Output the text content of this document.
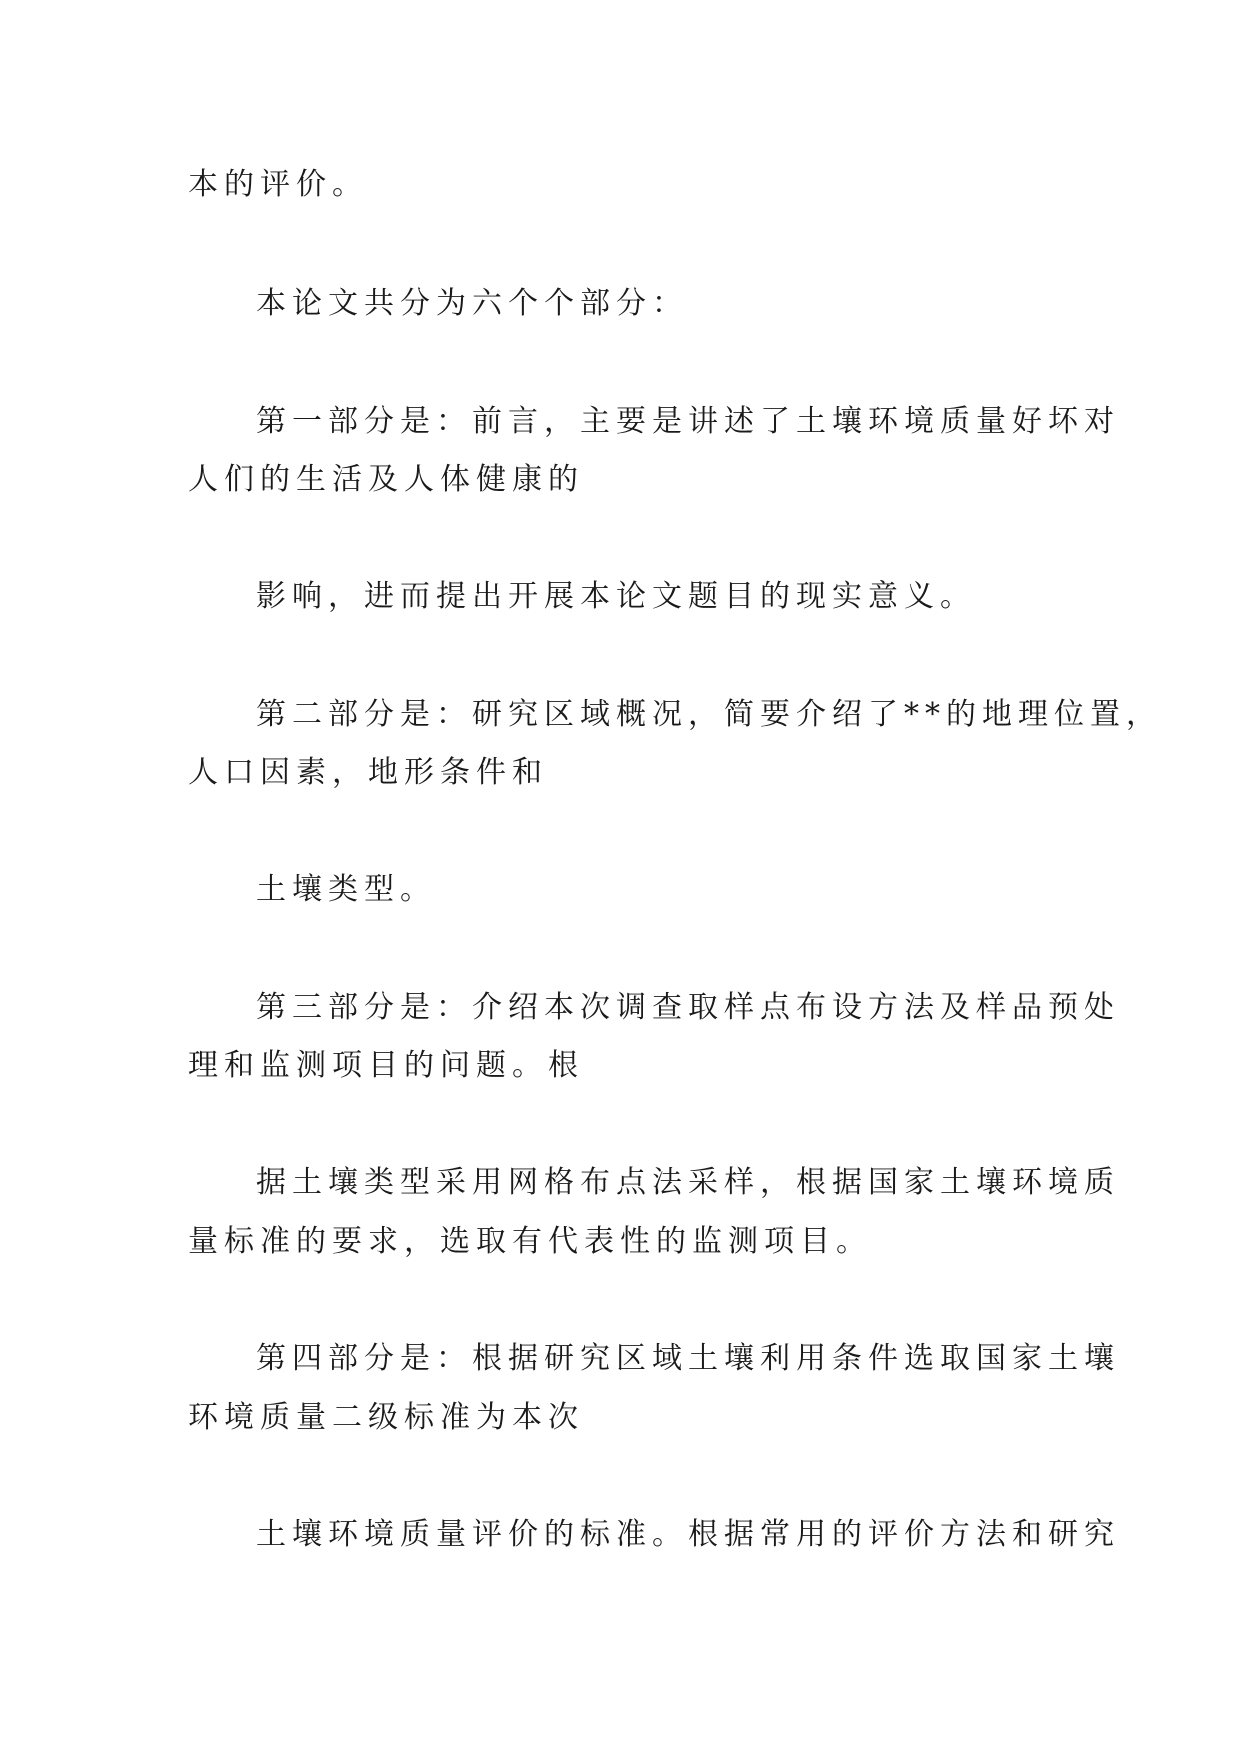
本的评价。
本论文共分为六个个部分：
第一部分是：前言，主要是讲述了土壤环境质量好坏对
人们的生活及人体健康的
影响，进而提出开展本论文题目的现实意义。
第二部分是：研究区域概况，简要介绍了**的地理位置，
人口因素，地形条件和
土壤类型。
第三部分是：介绍本次调查取样点布设方法及样品预处
理和监测项目的问题。根
据土壤类型采用网格布点法采样，根据国家土壤环境质
量标准的要求，选取有代表性的监测项目。
第四部分是：根据研究区域土壤利用条件选取国家土壤
环境质量二级标准为本次
土壤环境质量评价的标准。根据常用的评价方法和研究
